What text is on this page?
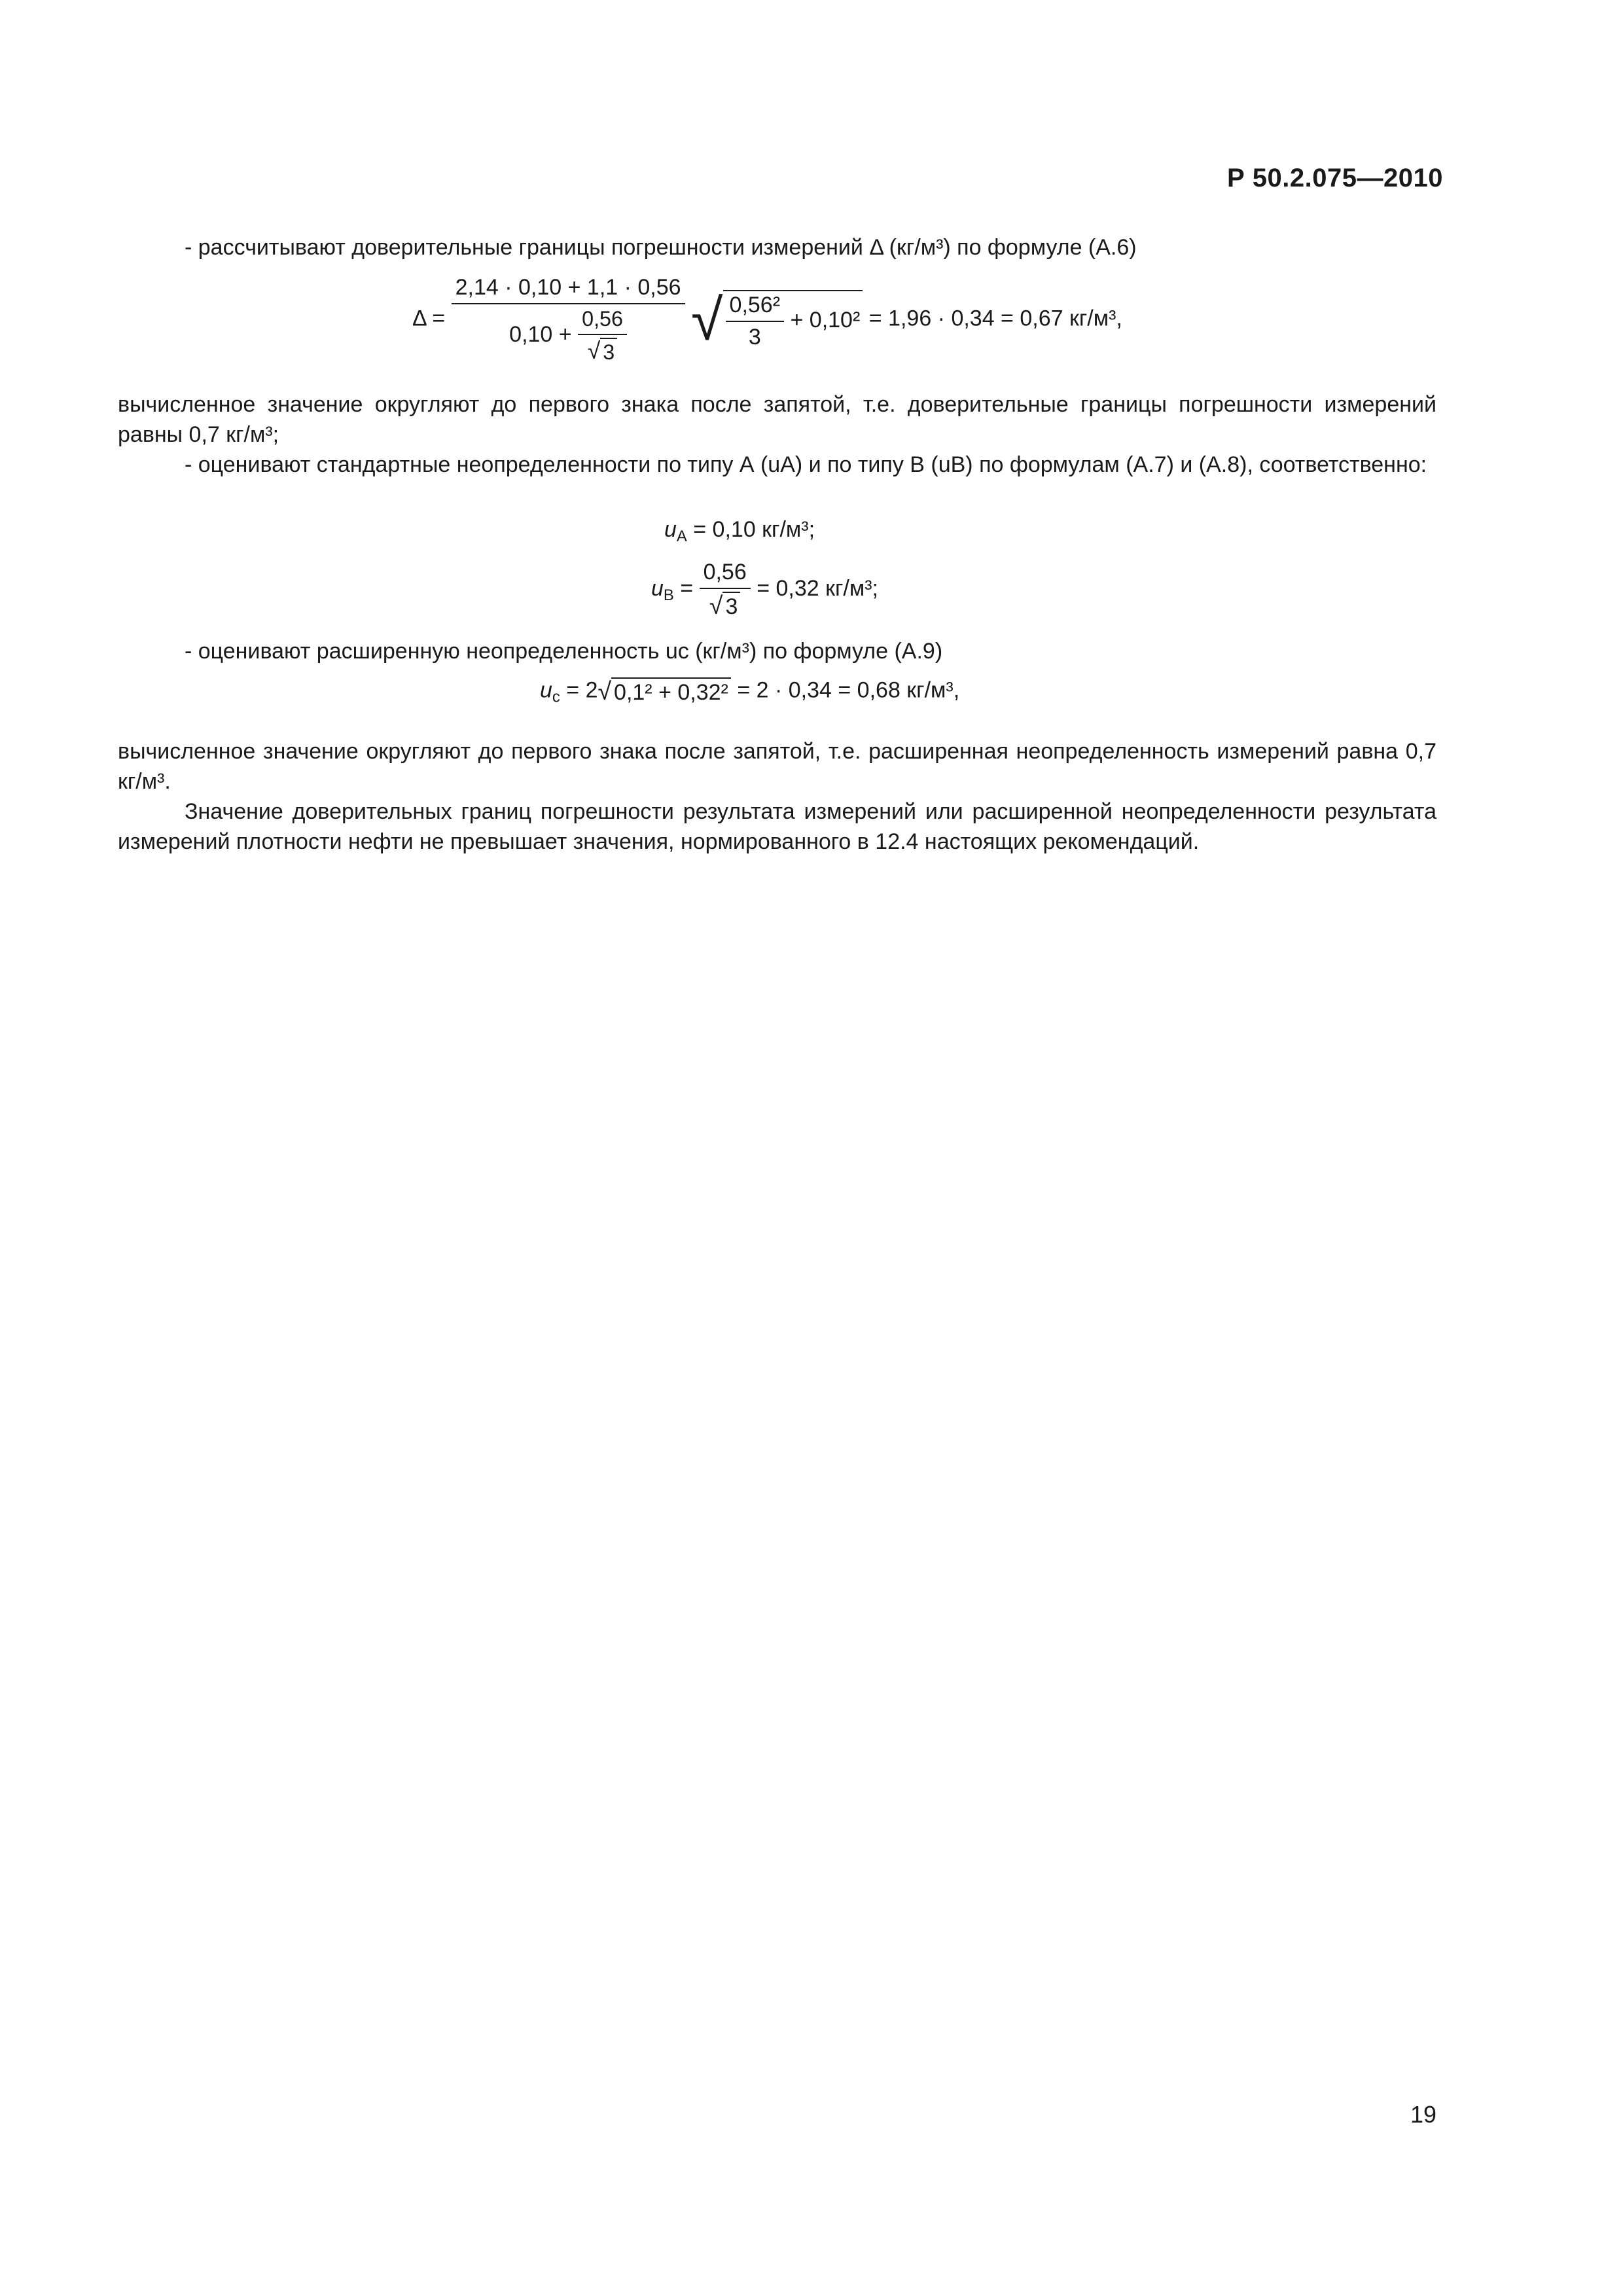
Р 50.2.075—2010
- рассчитывают доверительные границы погрешности измерений Δ (кг/м³) по формуле (А.6)
$\Delta = \frac{2,14 \cdot 0,10 + 1,1 \cdot 0,56}{0,10 + \frac{0,56}{√ 3}}$ √ $\frac{\text{0,56²}}{3} + 0,10^2 = 1,96 \cdot 0,34 = 0,67$ кг/м³,
вычисленное значение округляют до первого знака после запятой, т.е. доверительные границы погрешности измерений равны 0,7 кг/м³;
- оценивают стандартные неопределенности по типу А (uA) и по типу В (uB) по формулам (А.7) и (А.8), соответственно:
$u_А = 0,10$ кг/м³;
$u_В = \frac{0,56}{√ 3} = 0,32$ кг/м³;
- оценивают расширенную неопределенность uc (кг/м³) по формуле (А.9)
$u_c = 2√$ 0,1² + 0,32² = 2 · 0,34 = 0,68 кг/м³,
вычисленное значение округляют до первого знака после запятой, т.е. расширенная неопределенность измерений равна 0,7 кг/м³.
Значение доверительных границ погрешности результата измерений или расширенной неопределенности результата измерений плотности нефти не превышает значения, нормированного в 12.4 настоящих рекомендаций.
19
